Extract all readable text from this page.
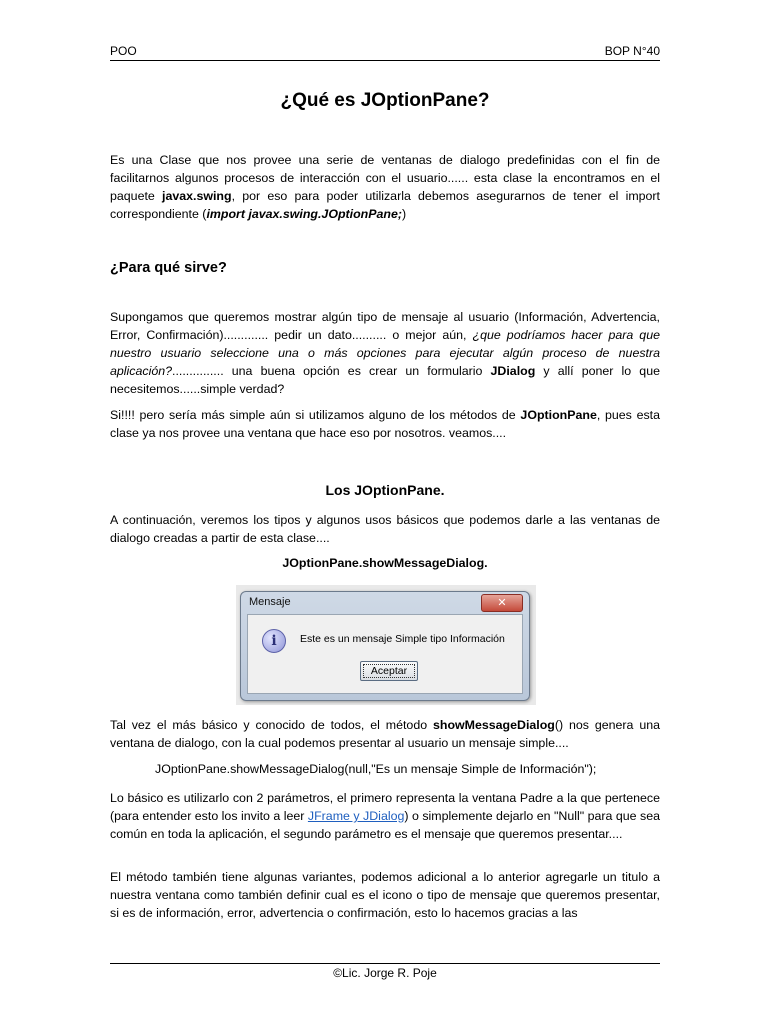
POO	BOP N°40
¿Qué es JOptionPane?
Es una Clase que nos provee una serie de ventanas de dialogo predefinidas con el fin de facilitarnos algunos procesos de interacción con el usuario...... esta clase la encontramos en el paquete javax.swing, por eso para poder utilizarla debemos asegurarnos de tener el import correspondiente (import javax.swing.JOptionPane;)
¿Para qué sirve?
Supongamos que queremos mostrar algún tipo de mensaje al usuario (Información, Advertencia, Error, Confirmación)............. pedir un dato.......... o mejor aún, ¿que podríamos hacer para que nuestro usuario seleccione una o más opciones para ejecutar algún proceso de nuestra aplicación?............... una buena opción es crear un formulario JDialog y allí poner lo que necesitemos......simple verdad?
Si!!!! pero sería más simple aún si utilizamos alguno de los métodos de JOptionPane, pues esta clase ya nos provee una ventana que hace eso por nosotros. veamos....
Los JOptionPane.
A continuación, veremos los tipos y algunos usos básicos que podemos darle a las ventanas de dialogo creadas a partir de esta clase....
JOptionPane.showMessageDialog.
Mensaje	✕
i	Este es un mensaje Simple tipo Información
Aceptar
Tal vez el más básico y conocido de todos, el método showMessageDialog() nos genera una ventana de dialogo, con la cual podemos presentar al usuario un mensaje simple....
JOptionPane.showMessageDialog(null,"Es un mensaje Simple de Información");
Lo básico es utilizarlo con 2 parámetros, el primero representa la ventana Padre a la que pertenece (para entender esto los invito a leer JFrame y JDialog) o simplemente dejarlo en "Null" para que sea común en toda la aplicación, el segundo parámetro es el mensaje que queremos presentar....
El método también tiene algunas variantes, podemos adicional a lo anterior agregarle un titulo a nuestra ventana como también definir cual es el icono o tipo de mensaje que queremos presentar, si es de información, error, advertencia o confirmación, esto lo hacemos gracias a las
©Lic. Jorge R. Poje
